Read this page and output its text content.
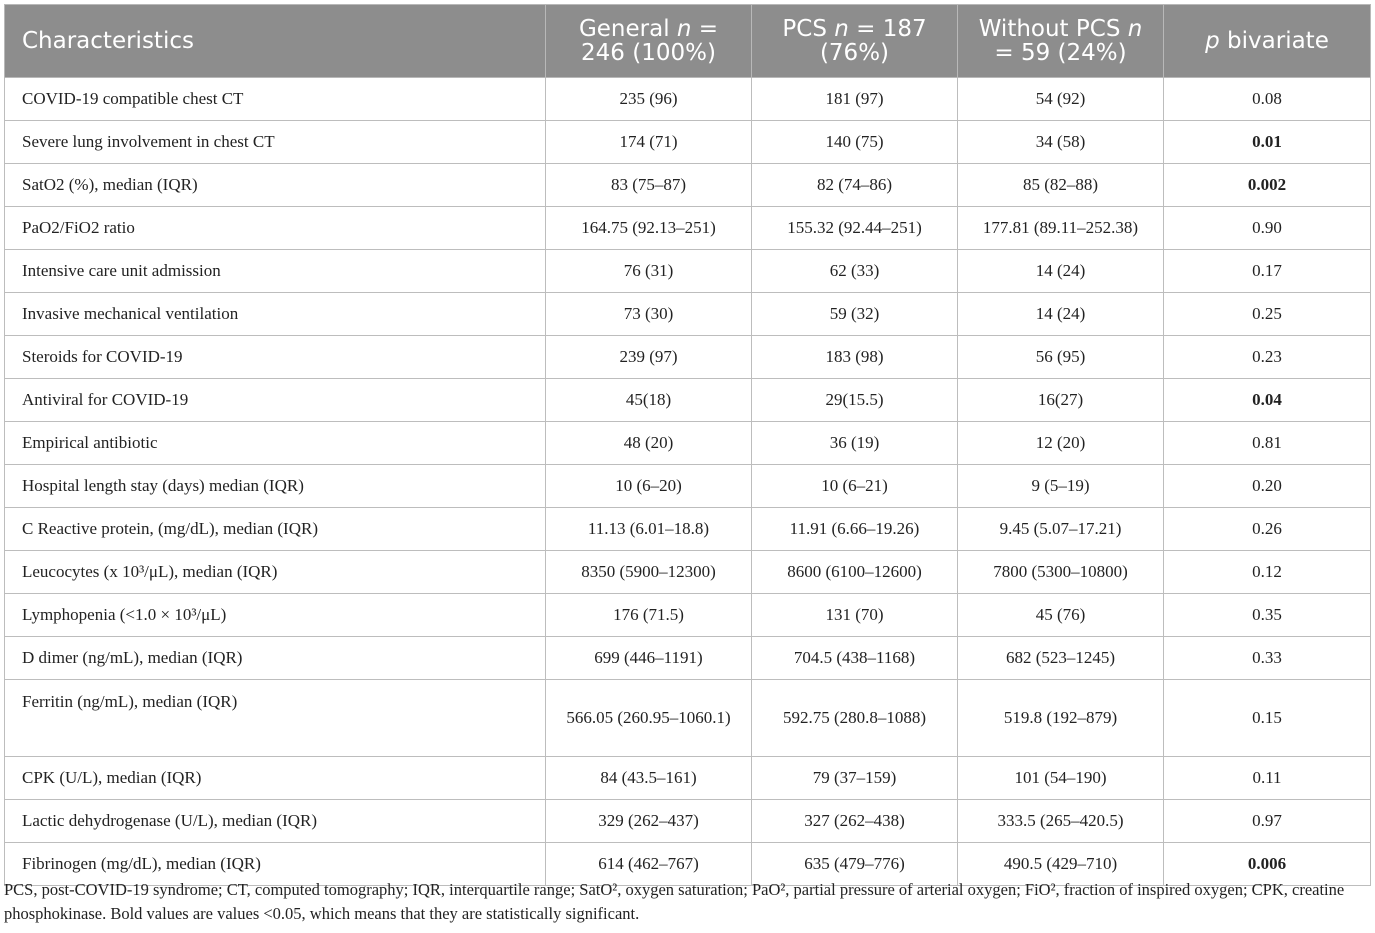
Characteristics	General n = 246 (100%)	PCS n = 187 (76%)	Without PCS n = 59 (24%)	p bivariate
COVID-19 compatible chest CT	235 (96)	181 (97)	54 (92)	0.08
Severe lung involvement in chest CT	174 (71)	140 (75)	34 (58)	0.01
SatO2 (%), median (IQR)	83 (75–87)	82 (74–86)	85 (82–88)	0.002
PaO2/FiO2 ratio	164.75 (92.13–251)	155.32 (92.44–251)	177.81 (89.11–252.38)	0.90
Intensive care unit admission	76 (31)	62 (33)	14 (24)	0.17
Invasive mechanical ventilation	73 (30)	59 (32)	14 (24)	0.25
Steroids for COVID-19	239 (97)	183 (98)	56 (95)	0.23
Antiviral for COVID-19	45(18)	29(15.5)	16(27)	0.04
Empirical antibiotic	48 (20)	36 (19)	12 (20)	0.81
Hospital length stay (days) median (IQR)	10 (6–20)	10 (6–21)	9 (5–19)	0.20
C Reactive protein, (mg/dL), median (IQR)	11.13 (6.01–18.8)	11.91 (6.66–19.26)	9.45 (5.07–17.21)	0.26
Leucocytes (x 10³/μL), median (IQR)	8350 (5900–12300)	8600 (6100–12600)	7800 (5300–10800)	0.12
Lymphopenia (<1.0 × 10³/μL)	176 (71.5)	131 (70)	45 (76)	0.35
D dimer (ng/mL), median (IQR)	699 (446–1191)	704.5 (438–1168)	682 (523–1245)	0.33
Ferritin (ng/mL), median (IQR)	566.05 (260.95–1060.1)	592.75 (280.8–1088)	519.8 (192–879)	0.15
CPK (U/L), median (IQR)	84 (43.5–161)	79 (37–159)	101 (54–190)	0.11
Lactic dehydrogenase (U/L), median (IQR)	329 (262–437)	327 (262–438)	333.5 (265–420.5)	0.97
Fibrinogen (mg/dL), median (IQR)	614 (462–767)	635 (479–776)	490.5 (429–710)	0.006
PCS, post-COVID-19 syndrome; CT, computed tomography; IQR, interquartile range; SatO², oxygen saturation; PaO², partial pressure of arterial oxygen; FiO², fraction of inspired oxygen; CPK, creatine phosphokinase. Bold values are values <0.05, which means that they are statistically significant.
